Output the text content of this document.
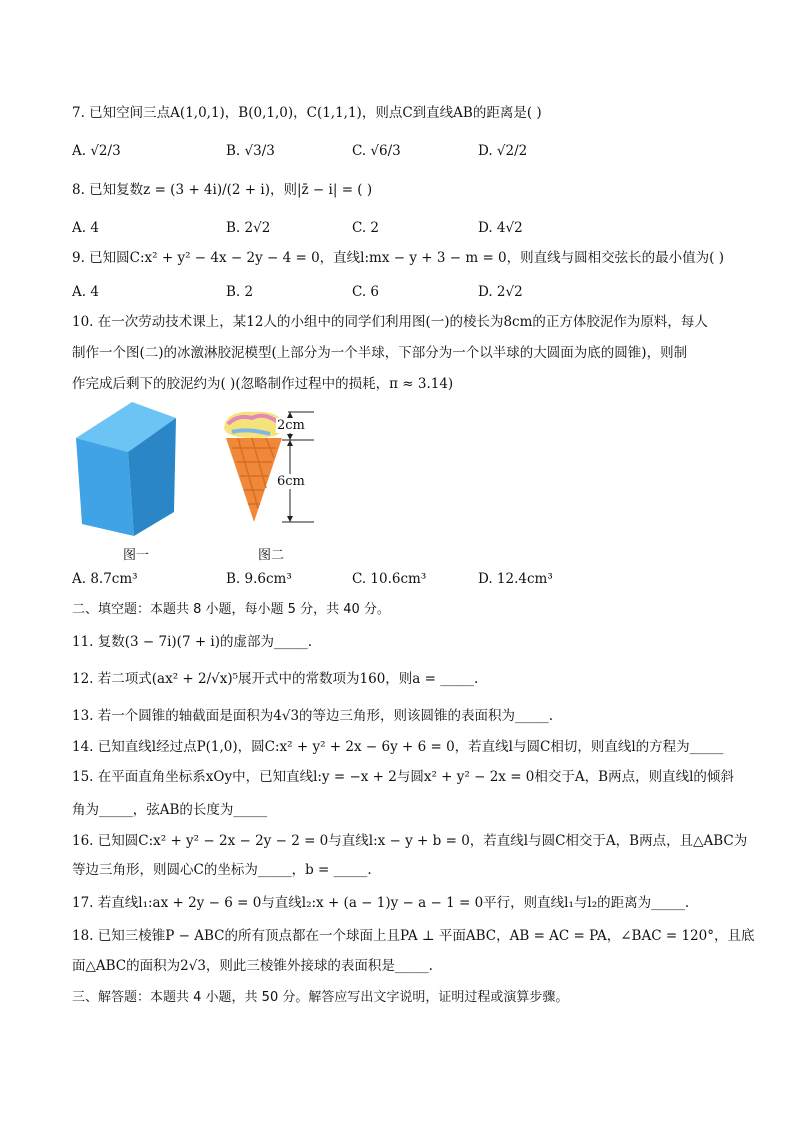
7. 已知空间三点A(1,0,1)，B(0,1,0)，C(1,1,1)，则点C到直线AB的距离是( )
A. √2/3	B. √3/3	C. √6/3	D. √2/2
8. 已知复数z = (3 + 4i)/(2 + i)，则|z̄ − i| = ( )
A. 4	B. 2√2	C. 2	D. 4√2
9. 已知圆C:x² + y² − 4x − 2y − 4 = 0，直线l:mx − y + 3 − m = 0，则直线与圆相交弦长的最小值为( )
A. 4	B. 2	C. 6	D. 2√2
10. 在一次劳动技术课上，某12人的小组中的同学们利用图(一)的棱长为8cm的正方体胶泥作为原料，每人
制作一个图(二)的冰激淋胶泥模型(上部分为一个半球，下部分为一个以半球的大圆面为底的圆锥)，则制
作完成后剩下的胶泥约为( )(忽略制作过程中的损耗，π ≈ 3.14)
2cm
6cm
图一	图二
A. 8.7cm³	B. 9.6cm³	C. 10.6cm³	D. 12.4cm³
二、填空题：本题共 8 小题，每小题 5 分，共 40 分。
11. 复数(3 − 7i)(7 + i)的虚部为_____.
12. 若二项式(ax² + 2/√x)⁵展开式中的常数项为160，则a = _____.
13. 若一个圆锥的轴截面是面积为4√3的等边三角形，则该圆锥的表面积为_____.
14. 已知直线l经过点P(1,0)，圆C:x² + y² + 2x − 6y + 6 = 0，若直线l与圆C相切，则直线l的方程为_____
15. 在平面直角坐标系xOy中，已知直线l:y = −x + 2与圆x² + y² − 2x = 0相交于A，B两点，则直线l的倾斜
角为_____，弦AB的长度为_____
16. 已知圆C:x² + y² − 2x − 2y − 2 = 0与直线l:x − y + b = 0，若直线l与圆C相交于A，B两点，且△ABC为
等边三角形，则圆心C的坐标为_____，b = _____.
17. 若直线l₁:ax + 2y − 6 = 0与直线l₂:x + (a − 1)y − a − 1 = 0平行，则直线l₁与l₂的距离为_____.
18. 已知三棱锥P − ABC的所有顶点都在一个球面上且PA ⊥ 平面ABC，AB = AC = PA，∠BAC = 120°，且底
面△ABC的面积为2√3，则此三棱锥外接球的表面积是_____.
三、解答题：本题共 4 小题，共 50 分。解答应写出文字说明，证明过程或演算步骤。
